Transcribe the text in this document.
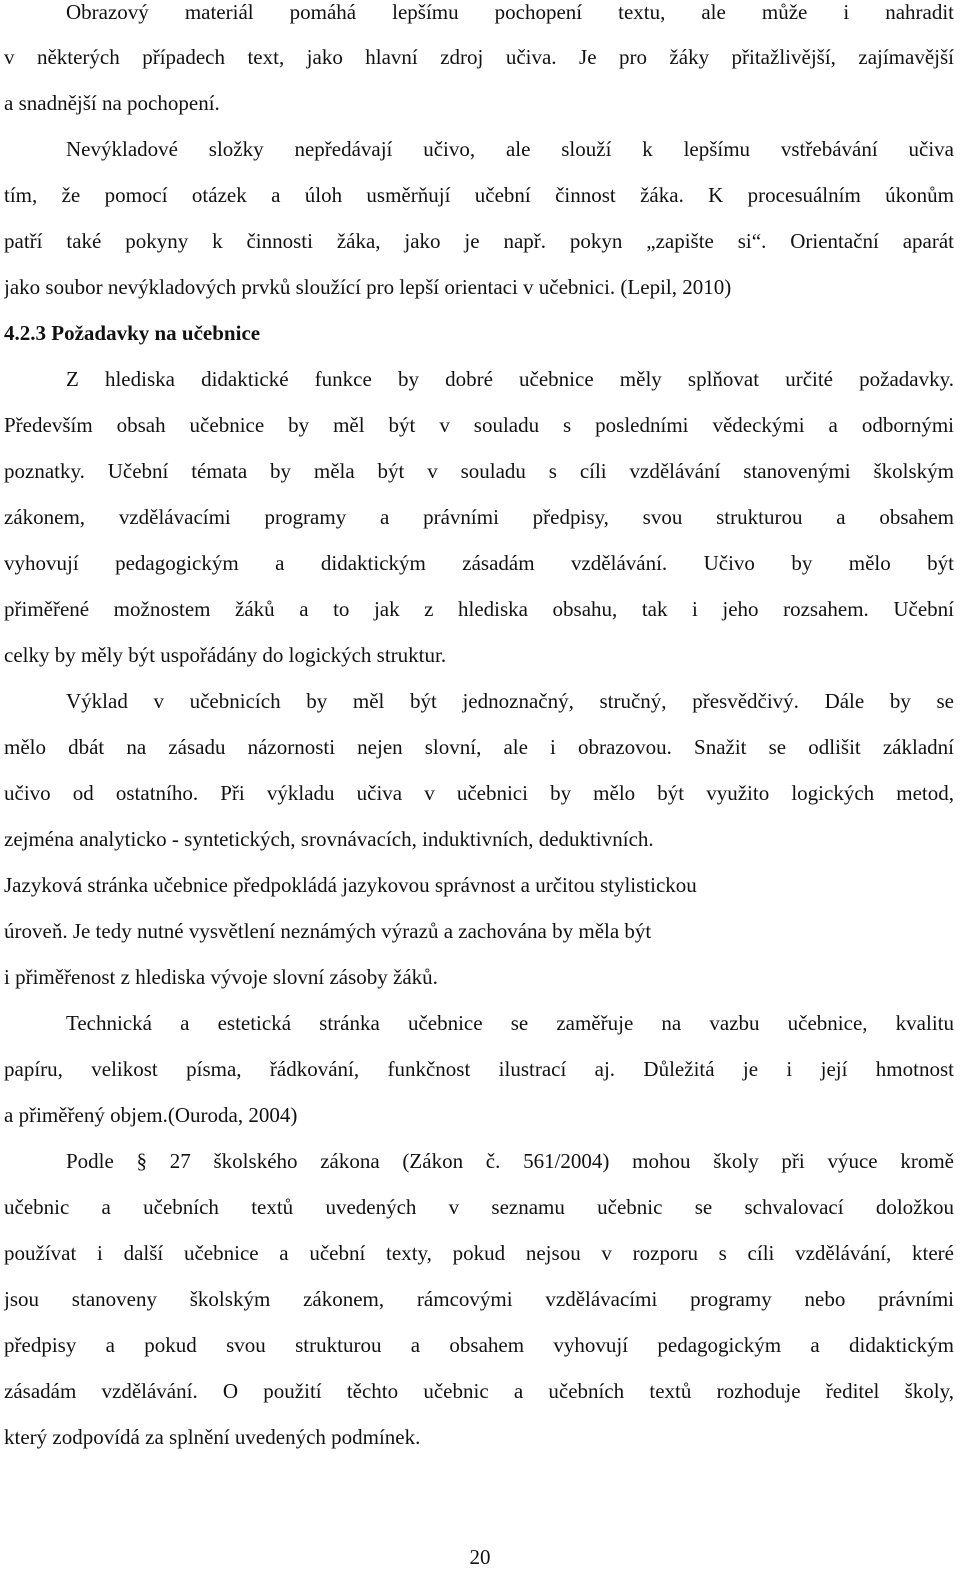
Obrazový materiál pomáhá lepšímu pochopení textu, ale může i nahradit
v některých případech text, jako hlavní zdroj učiva. Je pro žáky přitažlivější, zajímavější
a snadnější na pochopení.
Nevýkladové složky nepředávají učivo, ale slouží k lepšímu vstřebávání učiva
tím, že pomocí otázek a úloh usměrňují učební činnost žáka. K procesuálním úkonům
patří také pokyny k činnosti žáka, jako je např. pokyn „zapište si“. Orientační aparát
jako soubor nevýkladových prvků sloužící pro lepší orientaci v učebnici. (Lepil, 2010)
4.2.3 Požadavky na učebnice
Z hlediska didaktické funkce by dobré učebnice měly splňovat určité požadavky.
Především obsah učebnice by měl být v souladu s posledními vědeckými a odbornými
poznatky. Učební témata by měla být v souladu s cíli vzdělávání stanovenými školským
zákonem, vzdělávacími programy a právními předpisy, svou strukturou a obsahem
vyhovují pedagogickým a didaktickým zásadám vzdělávání. Učivo by mělo být
přiměřené možnostem žáků a to jak z hlediska obsahu, tak i jeho rozsahem. Učební
celky by měly být uspořádány do logických struktur.
Výklad v učebnicích by měl být jednoznačný, stručný, přesvědčivý. Dále by se
mělo dbát na zásadu názornosti nejen slovní, ale i obrazovou. Snažit se odlišit základní
učivo od ostatního. Při výkladu učiva v učebnici by mělo být využito logických metod,
zejména analyticko - syntetických, srovnávacích, induktivních, deduktivních.
Jazyková stránka učebnice předpokládá jazykovou správnost a určitou stylistickou
úroveň. Je tedy nutné vysvětlení neznámých výrazů a zachována by měla být
i přiměřenost z hlediska vývoje slovní zásoby žáků.
Technická a estetická stránka učebnice se zaměřuje na vazbu učebnice, kvalitu
papíru, velikost písma, řádkování, funkčnost ilustrací aj. Důležitá je i její hmotnost
a přiměřený objem.(Ouroda, 2004)
Podle § 27 školského zákona (Zákon č. 561/2004) mohou školy při výuce kromě
učebnic a učebních textů uvedených v seznamu učebnic se schvalovací doložkou
používat i další učebnice a učební texty, pokud nejsou v rozporu s cíli vzdělávání, které
jsou stanoveny školským zákonem, rámcovými vzdělávacími programy nebo právními
předpisy a pokud svou strukturou a obsahem vyhovují pedagogickým a didaktickým
zásadám vzdělávání. O použití těchto učebnic a učebních textů rozhoduje ředitel školy,
který zodpovídá za splnění uvedených podmínek.
20
